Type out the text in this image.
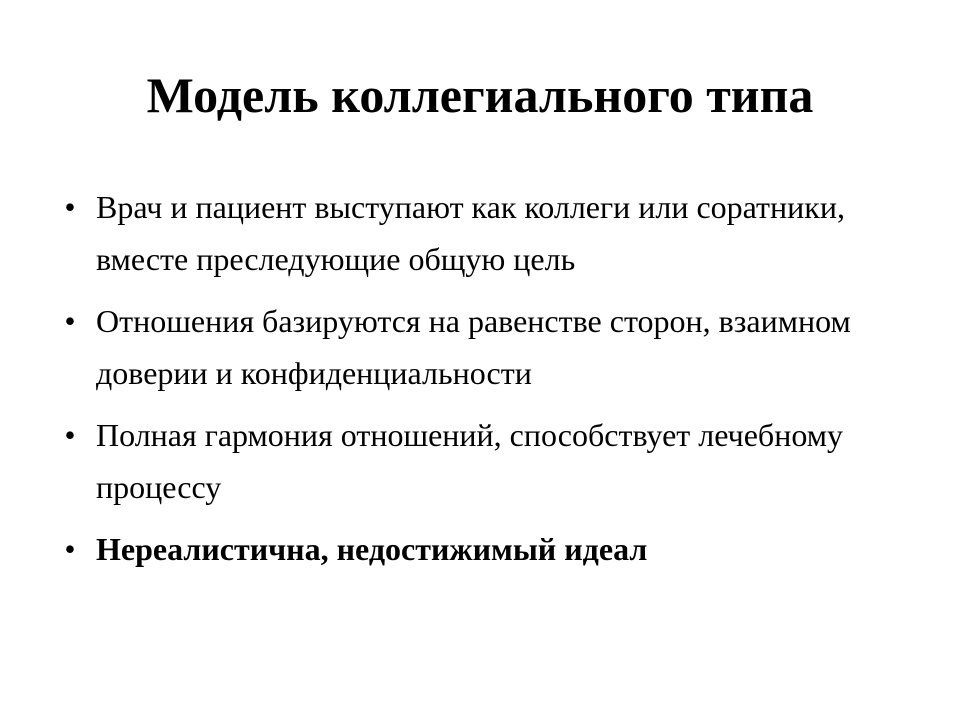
Модель коллегиального типа
• Врач и пациент выступают как коллеги или соратники, вместе преследующие общую цель
• Отношения базируются на равенстве сторон, взаимном доверии и конфиденциальности
• Полная гармония отношений, способствует лечебному процессу
• Нереалистична, недостижимый идеал
